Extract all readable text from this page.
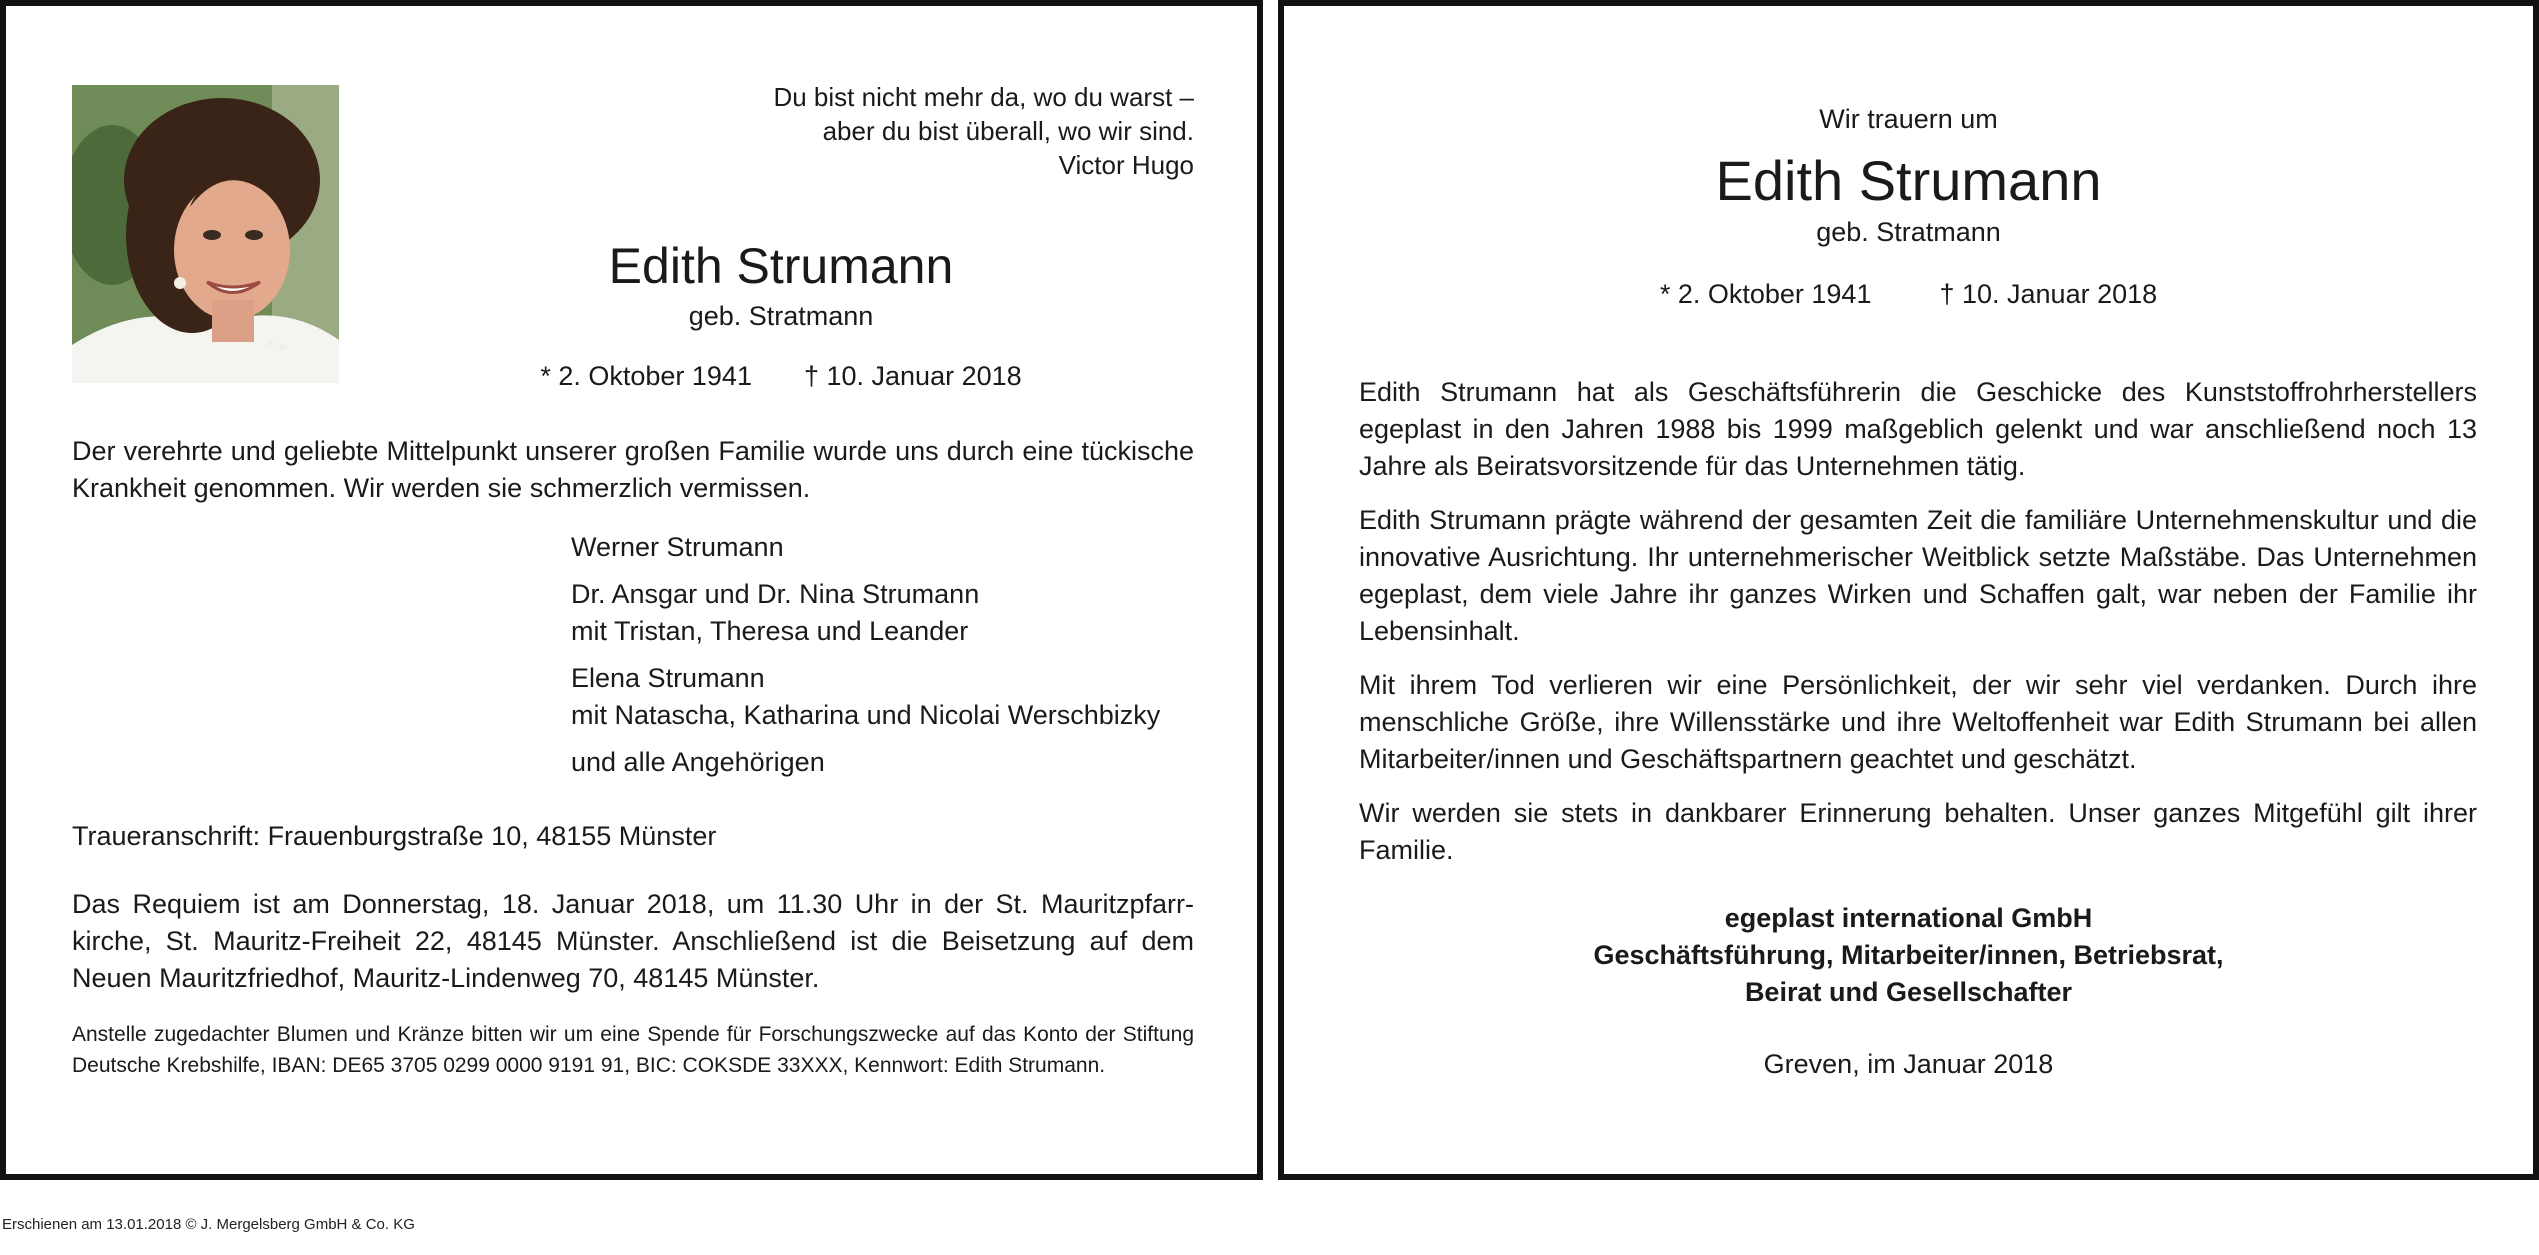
Du bist nicht mehr da, wo du warst –
aber du bist überall, wo wir sind.
Victor Hugo
Edith Strumann
geb. Stratmann
* 2. Oktober 1941 † 10. Januar 2018
Der verehrte und geliebte Mittelpunkt unserer großen Familie wurde uns durch eine tückische Krankheit genommen. Wir werden sie schmerzlich vermissen.
Werner Strumann
Dr. Ansgar und Dr. Nina Strumann
mit Tristan, Theresa und Leander
Elena Strumann
mit Natascha, Katharina und Nicolai Werschbizky
und alle Angehörigen
Traueranschrift: Frauenburgstraße 10, 48155 Münster
Das Requiem ist am Donnerstag, 18. Januar 2018, um 11.30 Uhr in der St. Mauritzpfarrkirche, St. Mauritz-Freiheit 22, 48145 Münster. Anschließend ist die Beisetzung auf dem Neuen Mauritzfriedhof, Mauritz-Lindenweg 70, 48145 Münster.
Anstelle zugedachter Blumen und Kränze bitten wir um eine Spende für Forschungszwecke auf das Konto der Stiftung Deutsche Krebshilfe, IBAN: DE65 3705 0299 0000 9191 91, BIC: COKSDE 33XXX, Kennwort: Edith Strumann.
Wir trauern um
Edith Strumann
geb. Stratmann
* 2. Oktober 1941	† 10. Januar 2018

Edith Strumann hat als Geschäftsführerin die Geschicke des Kunststoffrohrherstellers egeplast in den Jahren 1988 bis 1999 maßgeblich gelenkt und war anschließend noch 13 Jahre als Beiratsvorsitzende für das Unternehmen tätig.

Edith Strumann prägte während der gesamten Zeit die familiäre Unternehmenskultur und die innovative Ausrichtung. Ihr unternehmerischer Weitblick setzte Maßstäbe. Das Unternehmen egeplast, dem viele Jahre ihr ganzes Wirken und Schaffen galt, war neben der Familie ihr Lebensinhalt.

Mit ihrem Tod verlieren wir eine Persönlichkeit, der wir sehr viel verdanken. Durch ihre menschliche Größe, ihre Willensstärke und ihre Weltoffenheit war Edith Strumann bei allen Mitarbeiter/innen und Geschäftspartnern geachtet und geschätzt.

Wir werden sie stets in dankbarer Erinnerung behalten. Unser ganzes Mitgefühl gilt ihrer Familie.

egeplast international GmbH
Geschäftsführung, Mitarbeiter/innen, Betriebsrat,
Beirat und Gesellschafter
Greven, im Januar 2018
Erschienen am 13.01.2018 © J. Mergelsberg GmbH & Co. KG
